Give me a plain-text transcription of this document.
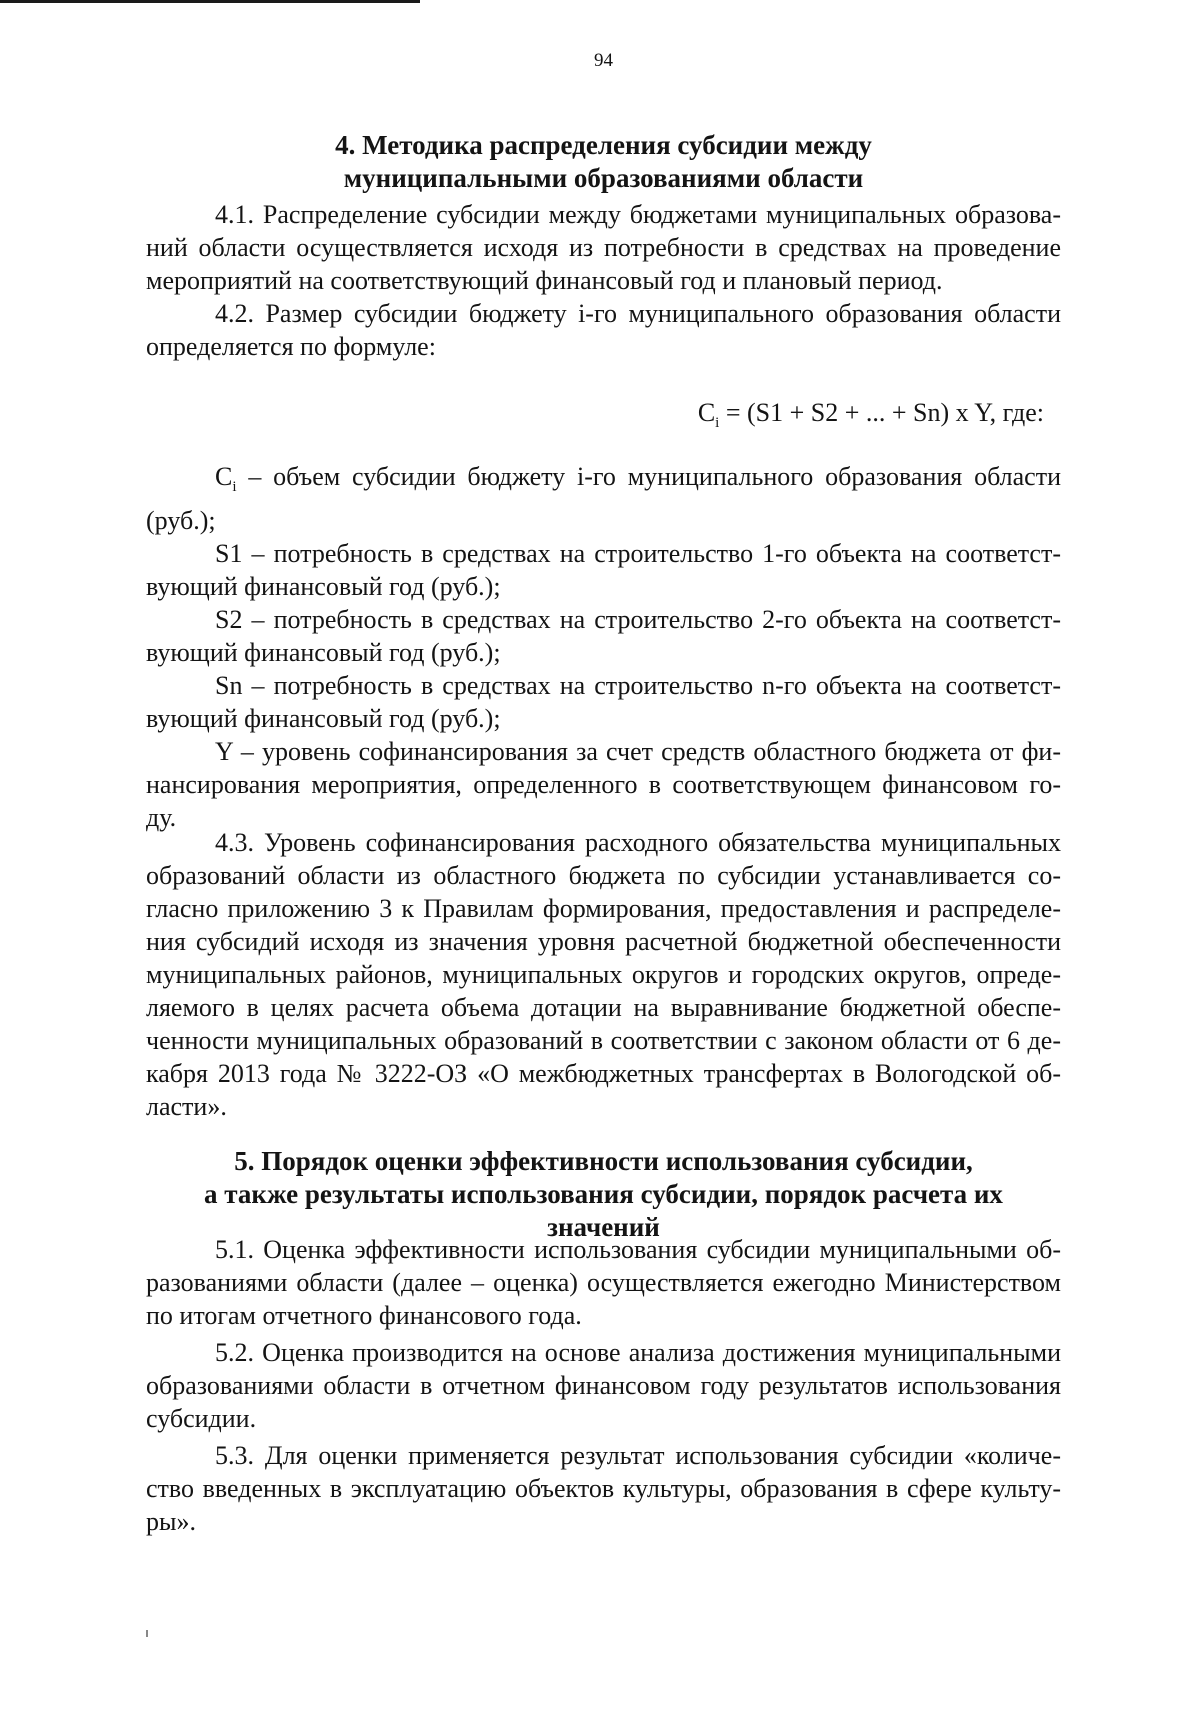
94
4. Методика распределения субсидии между
муниципальными образованиями области

4.1. Распределение субсидии между бюджетами муниципальных образова-

ний области осуществляется исходя из потребности в средствах на проведение

мероприятий на соответствующий финансовый год и плановый период.

4.2. Размер субсидии бюджету i-го муниципального образования области

определяется по формуле:

$C_i = (S1 + S2$ + ... + Sn) x Y, где:

$C_i$ – объем субсидии бюджету i-го муниципального образования области

(руб.);

S1 – потребность в средствах на строительство 1-го объекта на соответст-

вующий финансовый год (руб.);

S2 – потребность в средствах на строительство 2-го объекта на соответст-

вующий финансовый год (руб.);

Sn – потребность в средствах на строительство n-го объекта на соответст-

вующий финансовый год (руб.);

Y – уровень софинансирования за счет средств областного бюджета от фи-

нансирования мероприятия, определенного в соответствующем финансовом го-

ду.

4.3. Уровень софинансирования расходного обязательства муниципальных

образований области из областного бюджета по субсидии устанавливается со-

гласно приложению 3 к Правилам формирования, предоставления и распределе-

ния субсидий исходя из значения уровня расчетной бюджетной обеспеченности

муниципальных районов, муниципальных округов и городских округов, опреде-

ляемого в целях расчета объема дотации на выравнивание бюджетной обеспе-

ченности муниципальных образований в соответствии с законом области от 6 де-

кабря 2013 года № 3222-ОЗ «О межбюджетных трансфертах в Вологодской об-

ласти».

5. Порядок оценки эффективности использования субсидии,
а также результаты использования субсидии, порядок расчета их значений

5.1. Оценка эффективности использования субсидии муниципальными об-

разованиями области (далее – оценка) осуществляется ежегодно Министерством

по итогам отчетного финансового года.

5.2. Оценка производится на основе анализа достижения муниципальными

образованиями области в отчетном финансовом году результатов использования

субсидии.

5.3. Для оценки применяется результат использования субсидии «количе-

ство введенных в эксплуатацию объектов культуры, образования в сфере культу-

ры».
